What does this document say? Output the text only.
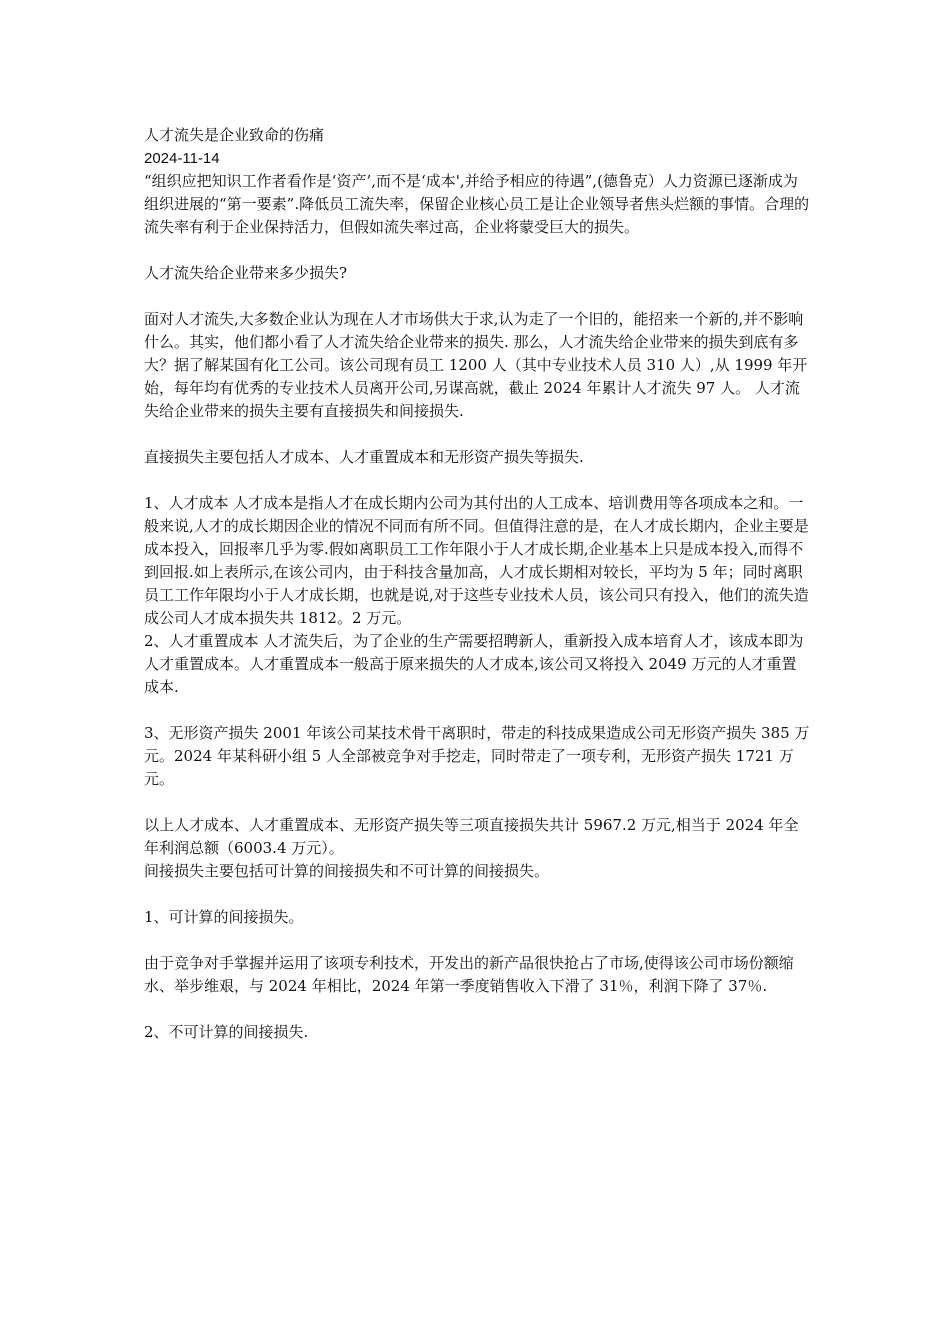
人才流失是企业致命的伤痛

2024-11-14

“组织应把知识工作者看作是‘资产’,而不是‘成本',并给予相应的待遇”,(德鲁克）人力资源已逐渐成为组织进展的“第一要素”.降低员工流失率，保留企业核心员工是让企业领导者焦头烂额的事情。合理的流失率有利于企业保持活力，但假如流失率过高，企业将蒙受巨大的损失。

人才流失给企业带来多少损失?

面对人才流失,大多数企业认为现在人才市场供大于求,认为走了一个旧的，能招来一个新的,并不影响什么。其实，他们都小看了人才流失给企业带来的损失. 那么，人才流失给企业带来的损失到底有多大？据了解某国有化工公司。该公司现有员工 1200 人（其中专业技术人员 310 人）,从 1999 年开始，每年均有优秀的专业技术人员离开公司,另谋高就，截止 2024 年累计人才流失 97 人。 人才流失给企业带来的损失主要有直接损失和间接损失.

直接损失主要包括人才成本、人才重置成本和无形资产损失等损失.

1、人才成本 人才成本是指人才在成长期内公司为其付出的人工成本、培训费用等各项成本之和。一般来说,人才的成长期因企业的情况不同而有所不同。但值得注意的是，在人才成长期内，企业主要是成本投入，回报率几乎为零.假如离职员工工作年限小于人才成长期,企业基本上只是成本投入,而得不到回报.如上表所示,在该公司内，由于科技含量加高，人才成长期相对较长，平均为 5 年；同时离职员工工作年限均小于人才成长期，也就是说,对于这些专业技术人员，该公司只有投入，他们的流失造成公司人才成本损失共 1812。2 万元。

2、人才重置成本 人才流失后，为了企业的生产需要招聘新人，重新投入成本培育人才，该成本即为人才重置成本。人才重置成本一般高于原来损失的人才成本,该公司又将投入 2049 万元的人才重置成本.

3、无形资产损失 2001 年该公司某技术骨干离职时，带走的科技成果造成公司无形资产损失 385 万元。2024 年某科研小组 5 人全部被竞争对手挖走，同时带走了一项专利，无形资产损失 1721 万元。

以上人才成本、人才重置成本、无形资产损失等三项直接损失共计 5967.2 万元,相当于 2024 年全年利润总额（6003.4 万元）。

间接损失主要包括可计算的间接损失和不可计算的间接损失。

1、可计算的间接损失。

由于竞争对手掌握并运用了该项专利技术，开发出的新产品很快抢占了市场,使得该公司市场份额缩水、举步维艰，与 2024 年相比，2024 年第一季度销售收入下滑了 31％，利润下降了 37％.

2、不可计算的间接损失.
